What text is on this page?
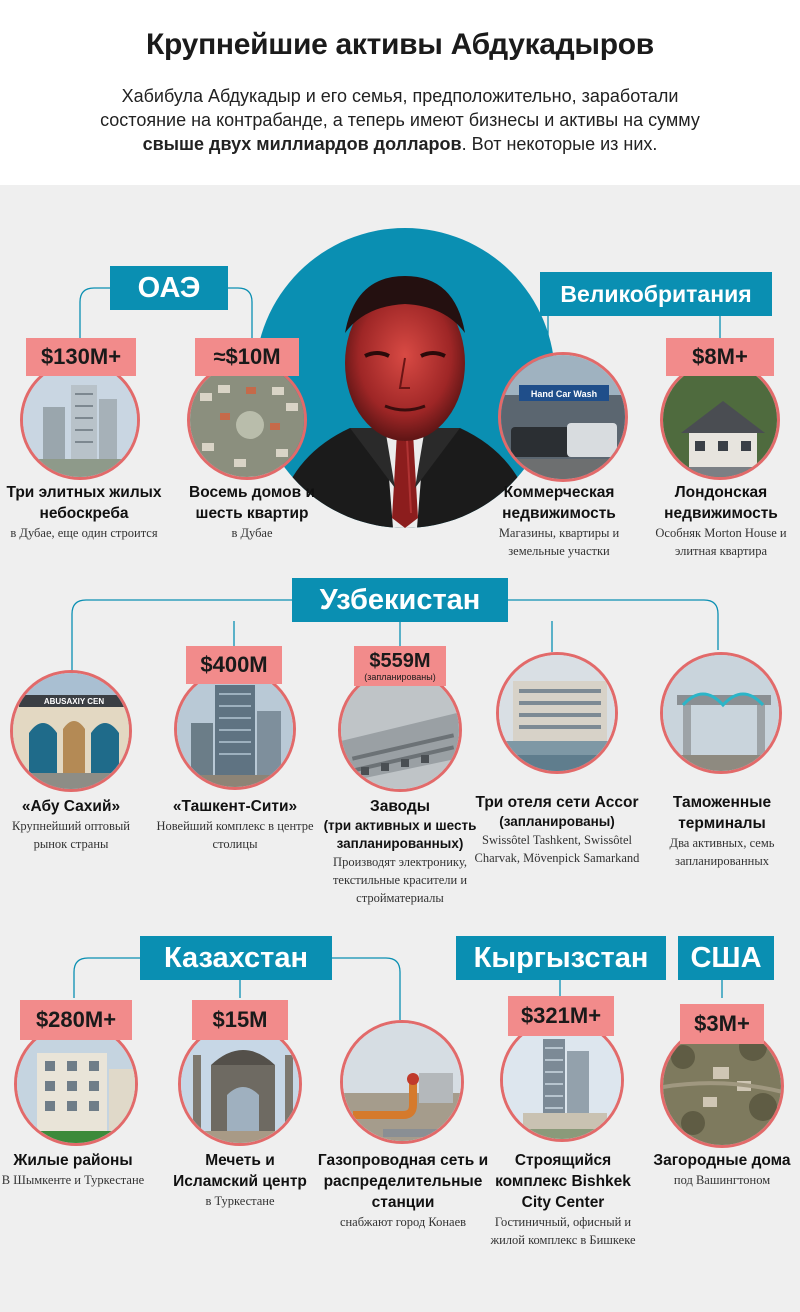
Крупнейшие активы Абдукадыров
Хабибула Абдукадыр и его семья, предположительно, заработали состояние на контрабанде, а теперь имеют бизнесы и активы на сумму свыше двух миллиардов долларов. Вот некоторые из них.
ОАЭ
$130M+
Три элитных жилых небоскреба
в Дубае, еще один строится
≈$10M
Восемь домов и шесть квартир
в Дубае
Великобритания
Hand Car Wash
Коммерческая недвижимость
Магазины, квартиры и земельные участки
$8M+
Лондонская недвижимость
Особняк Morton House и элитная квартира
Узбекистан
ABUSAXIY CEN
«Абу Сахий»
Крупнейший оптовый рынок страны
$400M
«Ташкент-Сити»
Новейший комплекс в центре столицы
$559M
(запланированы)
Заводы
(три активных и шесть запланированных)
Производят электронику, текстильные красители и стройматериалы
Три отеля сети Accor
(запланированы)
Swissôtel Tashkent, Swissôtel Charvak, Mövenpick Samarkand
Таможенные терминалы
Два активных, семь запланированных
Казахстан
$280M+
Жилые районы
В Шымкенте и Туркестане
$15M
Мечеть и Исламский центр
в Туркестане
Газопроводная сеть и распределительные станции
снабжают город Конаев
Кыргызстан
$321M+
Строящийся комплекс Bishkek City Center
Гостиничный, офисный и жилой комплекс в Бишкеке
США
$3M+
Загородные дома
под Вашингтоном
